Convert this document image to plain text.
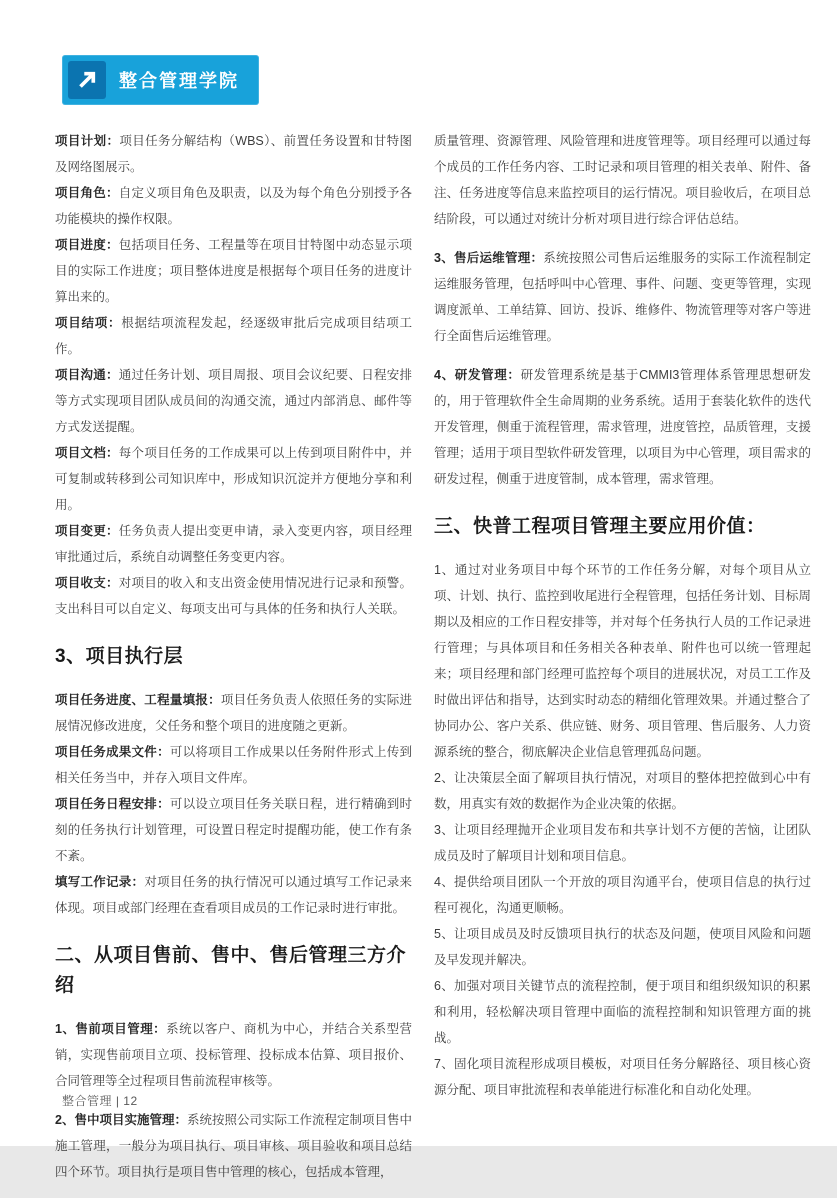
整合管理学院

项目计划：项目任务分解结构（WBS）、前置任务设置和甘特图及网络图展示。

项目角色：自定义项目角色及职责，以及为每个角色分别授予各功能模块的操作权限。

项目进度：包括项目任务、工程量等在项目甘特图中动态显示项目的实际工作进度；项目整体进度是根据每个项目任务的进度计算出来的。

项目结项：根据结项流程发起，经逐级审批后完成项目结项工作。

项目沟通：通过任务计划、项目周报、项目会议纪要、日程安排等方式实现项目团队成员间的沟通交流，通过内部消息、邮件等方式发送提醒。

项目文档：每个项目任务的工作成果可以上传到项目附件中，并可复制或转移到公司知识库中，形成知识沉淀并方便地分享和利用。

项目变更：任务负责人提出变更申请，录入变更内容，项目经理审批通过后，系统自动调整任务变更内容。

项目收支：对项目的收入和支出资金使用情况进行记录和预警。支出科目可以自定义、每项支出可与具体的任务和执行人关联。

3、项目执行层

项目任务进度、工程量填报：项目任务负责人依照任务的实际进展情况修改进度，父任务和整个项目的进度随之更新。

项目任务成果文件：可以将项目工作成果以任务附件形式上传到相关任务当中，并存入项目文件库。

项目任务日程安排：可以设立项目任务关联日程，进行精确到时刻的任务执行计划管理，可设置日程定时提醒功能，使工作有条不紊。

填写工作记录：对项目任务的执行情况可以通过填写工作记录来体现。项目或部门经理在查看项目成员的工作记录时进行审批。

二、从项目售前、售中、售后管理三方介绍

1、售前项目管理：系统以客户、商机为中心，并结合关系型营销，实现售前项目立项、投标管理、投标成本估算、项目报价、合同管理等全过程项目售前流程审核等。

2、售中项目实施管理：系统按照公司实际工作流程定制项目售中施工管理，一般分为项目执行、项目审核、项目验收和项目总结四个环节。项目执行是项目售中管理的核心，包括成本管理，

质量管理、资源管理、风险管理和进度管理等。项目经理可以通过每个成员的工作任务内容、工时记录和项目管理的相关表单、附件、备注、任务进度等信息来监控项目的运行情况。项目验收后，在项目总结阶段，可以通过对统计分析对项目进行综合评估总结。

3、售后运维管理：系统按照公司售后运维服务的实际工作流程制定运维服务管理，包括呼叫中心管理、事件、问题、变更等管理，实现调度派单、工单结算、回访、投诉、维修件、物流管理等对客户等进行全面售后运维管理。

4、研发管理：研发管理系统是基于CMMI3管理体系管理思想研发的，用于管理软件全生命周期的业务系统。适用于套装化软件的迭代开发管理，侧重于流程管理，需求管理，进度管控，品质管理，支援管理；适用于项目型软件研发管理，以项目为中心管理，项目需求的研发过程，侧重于进度管制，成本管理，需求管理。

三、快普工程项目管理主要应用价值：

1、通过对业务项目中每个环节的工作任务分解，对每个项目从立项、计划、执行、监控到收尾进行全程管理，包括任务计划、目标周期以及相应的工作日程安排等，并对每个任务执行人员的工作记录进行管理；与具体项目和任务相关各种表单、附件也可以统一管理起来；项目经理和部门经理可监控每个项目的进展状况，对员工工作及时做出评估和指导，达到实时动态的精细化管理效果。并通过整合了协同办公、客户关系、供应链、财务、项目管理、售后服务、人力资源系统的整合，彻底解决企业信息管理孤岛问题。

2、让决策层全面了解项目执行情况，对项目的整体把控做到心中有数，用真实有效的数据作为企业决策的依据。

3、让项目经理抛开企业项目发布和共享计划不方便的苦恼，让团队成员及时了解项目计划和项目信息。

4、提供给项目团队一个开放的项目沟通平台，使项目信息的执行过程可视化，沟通更顺畅。

5、让项目成员及时反馈项目执行的状态及问题，使项目风险和问题及早发现并解决。

6、加强对项目关键节点的流程控制，便于项目和组织级知识的积累和利用，轻松解决项目管理中面临的流程控制和知识管理方面的挑战。

7、固化项目流程形成项目模板，对项目任务分解路径、项目核心资源分配、项目审批流程和表单能进行标准化和自动化处理。

整合管理 | 12
